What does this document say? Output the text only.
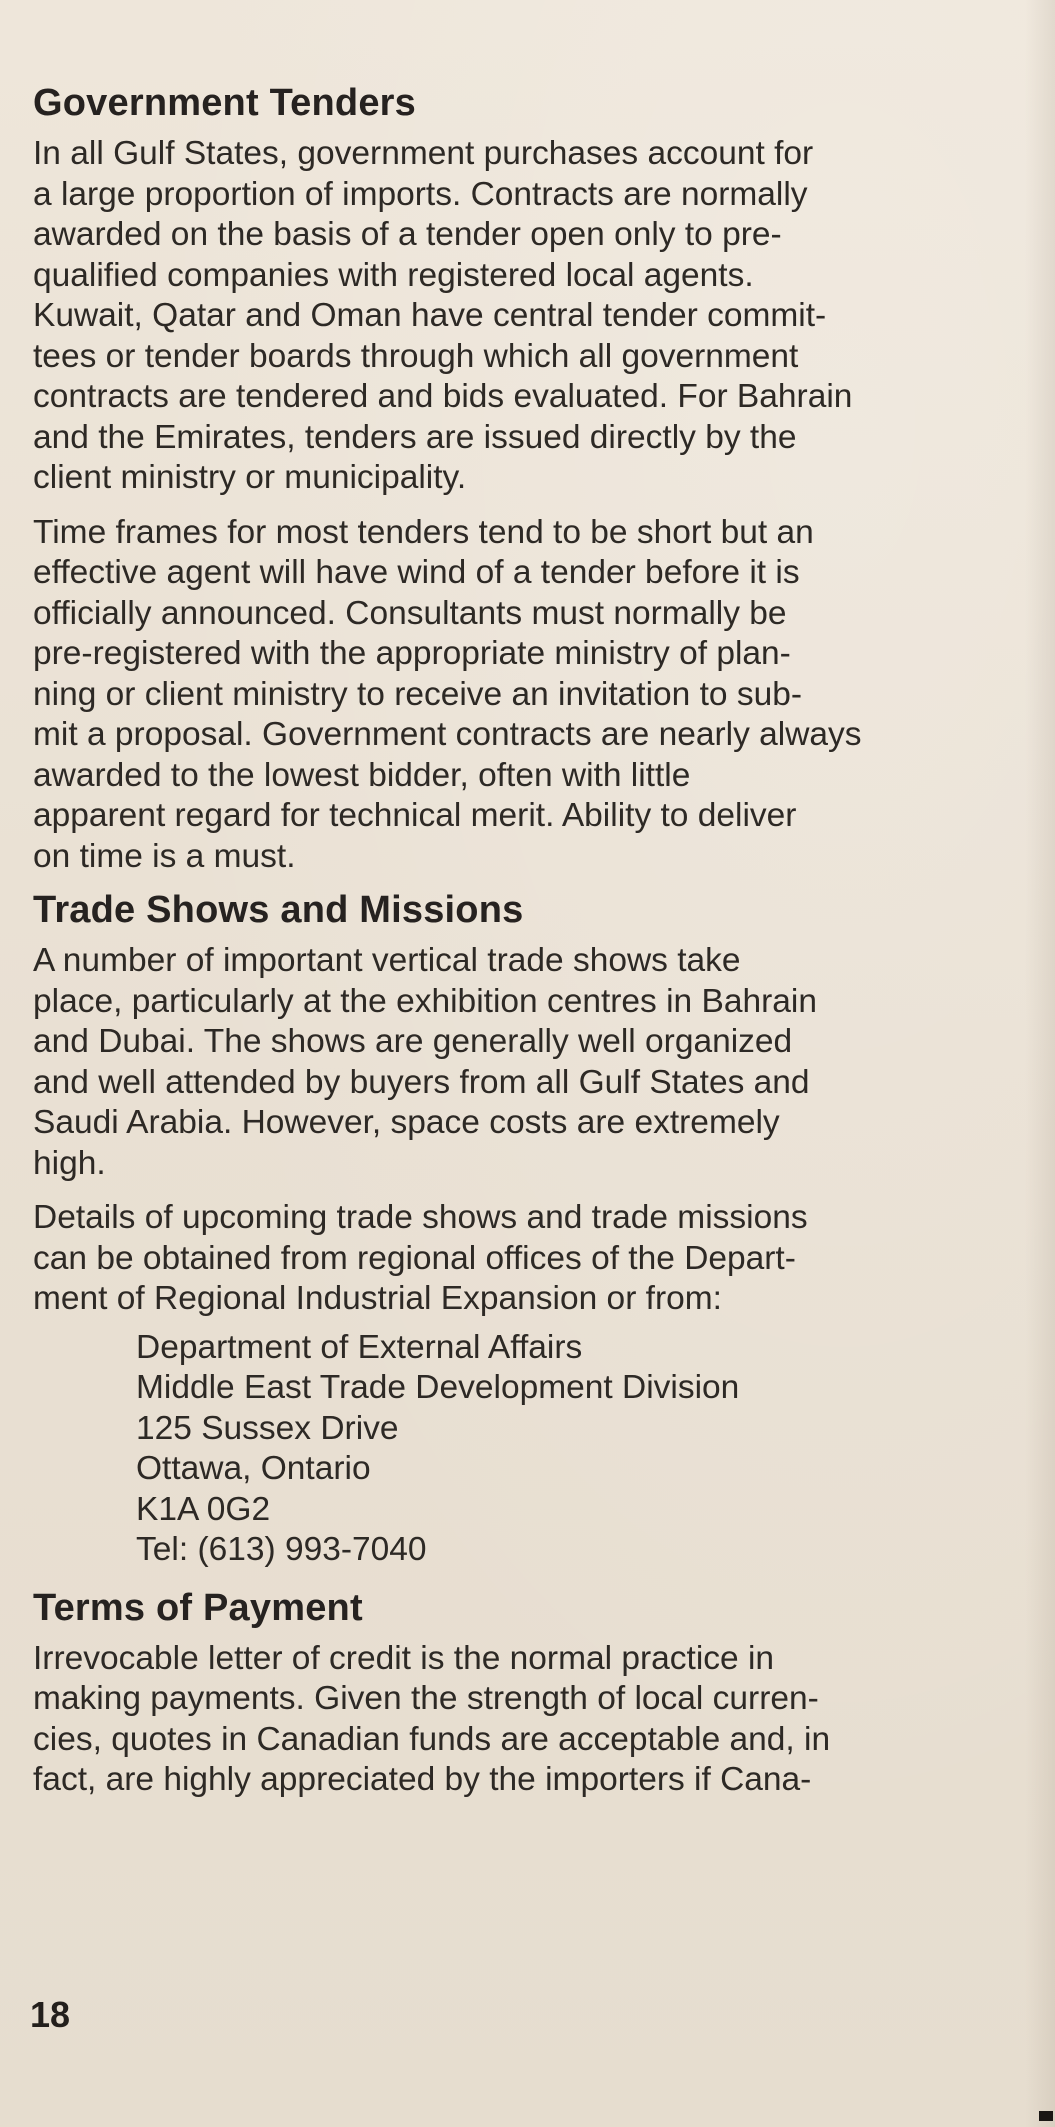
Government Tenders

In all Gulf States, government purchases account for
a large proportion of imports. Contracts are normally
awarded on the basis of a tender open only to pre-
qualified companies with registered local agents.
Kuwait, Qatar and Oman have central tender commit-
tees or tender boards through which all government
contracts are tendered and bids evaluated. For Bahrain
and the Emirates, tenders are issued directly by the
client ministry or municipality.

Time frames for most tenders tend to be short but an
effective agent will have wind of a tender before it is
officially announced. Consultants must normally be
pre-registered with the appropriate ministry of plan-
ning or client ministry to receive an invitation to sub-
mit a proposal. Government contracts are nearly always
awarded to the lowest bidder, often with little
apparent regard for technical merit. Ability to deliver
on time is a must.

Trade Shows and Missions

A number of important vertical trade shows take
place, particularly at the exhibition centres in Bahrain
and Dubai. The shows are generally well organized
and well attended by buyers from all Gulf States and
Saudi Arabia. However, space costs are extremely
high.

Details of upcoming trade shows and trade missions
can be obtained from regional offices of the Depart-
ment of Regional Industrial Expansion or from:

Department of External Affairs
Middle East Trade Development Division
125 Sussex Drive
Ottawa, Ontario
K1A 0G2
Tel: (613) 993-7040
Terms of Payment

Irrevocable letter of credit is the normal practice in
making payments. Given the strength of local curren-
cies, quotes in Canadian funds are acceptable and, in
fact, are highly appreciated by the importers if Cana-

18
